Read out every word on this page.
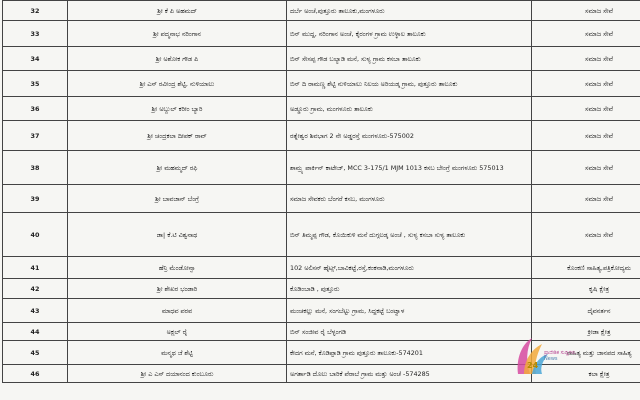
32	ಶ್ರೀ ಕೆ ಪಿ ಅಹಮದ್	ದರ್ಬೆ ಅಂಚೆ,ಪುತ್ತೂರು ತಾಲೂಕು,ಮಂಗಳೂರು	ಸಮಾಜ ಸೇವೆ
33	ಶ್ರೀ ಪದ್ಮನಾಭ ನರಿಂಗಾನ	ಬಿನ್ ಮುದ್ದ, ನರಿಂಗಾನ ಅಂಚೆ, ಕೈರಂಗಳ ಗ್ರಾಮ ಉಳ್ಳಾಲ ತಾಲೂಕು	ಸಮಾಜ ಸೇವೆ
34	ಶ್ರೀ ಅಶೋಕ ಗೌಡ ಪಿ	ಬಿನ್ ಸೇಸಪ್ಪ ಗೌಡ ಬಲ್ಯಾಡಿ ಮನೆ, ಸುಳ್ಯ ಗ್ರಾಮ ಕಸಬಾ ತಾಲೂಕು	ಸಮಾಜ ಸೇವೆ
35	ಶ್ರೀ ಎಸ್ ರವೀಂದ್ರ ಶೆಟ್ಟಿ, ನುಳಿಯಾಲು	ಬಿನ್ ದಿ ರಾಮಣ್ಣ ಶೆಟ್ಟಿ ನುಳಿಯಾಲು ನಿಲಯ ಅರಿಯಡ್ಕ ಗ್ರಾಮ, ಪುತ್ತೂರು ತಾಲೂಕು	ಸಮಾಜ ಸೇವೆ
36	ಶ್ರೀ ಅಬ್ದುಲ್ ಕರೀಂ ಬ್ಯಾರಿ	ಅಡ್ಡೂರು ಗ್ರಾಮ, ಮಂಗಳೂರು ತಾಲೂಕು	ಸಮಾಜ ಸೇವೆ
37	ಶ್ರೀ ಚಂದ್ರಕಲಾ ದೀಪಕ್ ರಾವ್	ರತ್ನೇಶ್ವರ ಶಿವಭಾಗ 2 ನೇ ಅಡ್ಡರಸ್ತೆ ಮಂಗಳೂರು-575002	ಸಮಾಜ ಸೇವೆ
38	ಶ್ರೀ ಮಹಮ್ಮದ್ ರಫಿ	ಶಾಮ್ರ್ಯ ಪಾರ್ಕಿನ್ ಕಾಟೇಜ್, MCC 3-175/1 MJM 1013 ಕಸಬ ಬೇಂಗ್ರೆ ಮಂಗಳೂರು 575013	ಸಮಾಜ ಸೇವೆ
39	ಶ್ರೀ ಬಾವಜಾನ್ ಬೆಂಗ್ರೆ	ಸಮಾಜ ಸೇವಕರು ಬೆಂಗರೆ ಕಸಬ, ಮಂಗಳೂರು	ಸಮಾಜ ಸೇವೆ
40	ಡಾ| ಕೆ.ಟಿ ವಿಶ್ವನಾಥ	ಬಿನ್ ತಿಮ್ಮಪ್ಪ ಗೌಡ, ಕೊಯಿಕುಳಿ ಮನೆ ದುಗ್ಗಲಡ್ಕ ಅಂಚೆ , ಸುಳ್ಯ ಕಸಬಾ ಸುಳ್ಯ ತಾಲೂಕು	ಸಮಾಜ ಸೇವೆ
41	ಹೆನ್ರಿ ಮೆಂಡೋನ್ಸಾ	102 ಅಲಿಸನ್ ಹೈಟ್ಸ್,ಬಾವಿಕಟ್ಟೆ,ರಸ್ತೆ,ಕಂಕನಾಡಿ,ಮಂಗಳೂರು	ಕೊಂಕಣಿ ಸಾಹಿತ್ಯ,ಪತ್ರಿಕೋದ್ಯಮ
42	ಶ್ರೀ ಶೇಖರ ಭಂಡಾರಿ	ಕೊಡಿಂಬಾಡಿ , ಪುತ್ತೂರು	ಕೃಷಿ ಕ್ಷೇತ್ರ
43	ಮಾಧವ ಪರವ	ಮಂಚಕಲ್ಲು ಮನೆ, ಸಂಗಬೆಟ್ಟು ಗ್ರಾಮ, ಸಿದ್ದಕಟ್ಟೆ ಬಂಟ್ವಾಳ	ದೈವನರ್ತನ
44	ಅಕ್ಷಲ್ ರೈ	ಬಿನ್ ಸಂಜೀವ ರೈ ಬೆಳ್ಳಂಗಡಿ	ಕ್ರೀಡಾ ಕ್ಷೇತ್ರ
45	ಮನ್ಮಥ ಜೆ ಶೆಟ್ಟಿ	ಕೇದಗ ಮನೆ, ಕೊಡಿಪ್ಪಾಡಿ ಗ್ರಾಮ ಪುತ್ತೂರು ತಾಲೂಕು-574201	ಸಾಹಿತ್ಯ ಮತ್ತು ಜಾನಪದ ಸಾಹಿತ್ಯ
46	ಶ್ರೀ ಎ ಎಸ್ ದಯಾನಂದ ಕುಂಬೂರು	ಅಗರ್ತಾಡಿ ದೊಲು ಬಾರಿಕೆ ಪೆರಾಬೆ ಗ್ರಾಮ ಮತ್ತು ಅಂಚೆ -574285	ಕಲಾ ಕ್ಷೇತ್ರ
24
ಪ್ರಾದೇಶಿಕ ಸುದ್ದಿಗಳು
News
